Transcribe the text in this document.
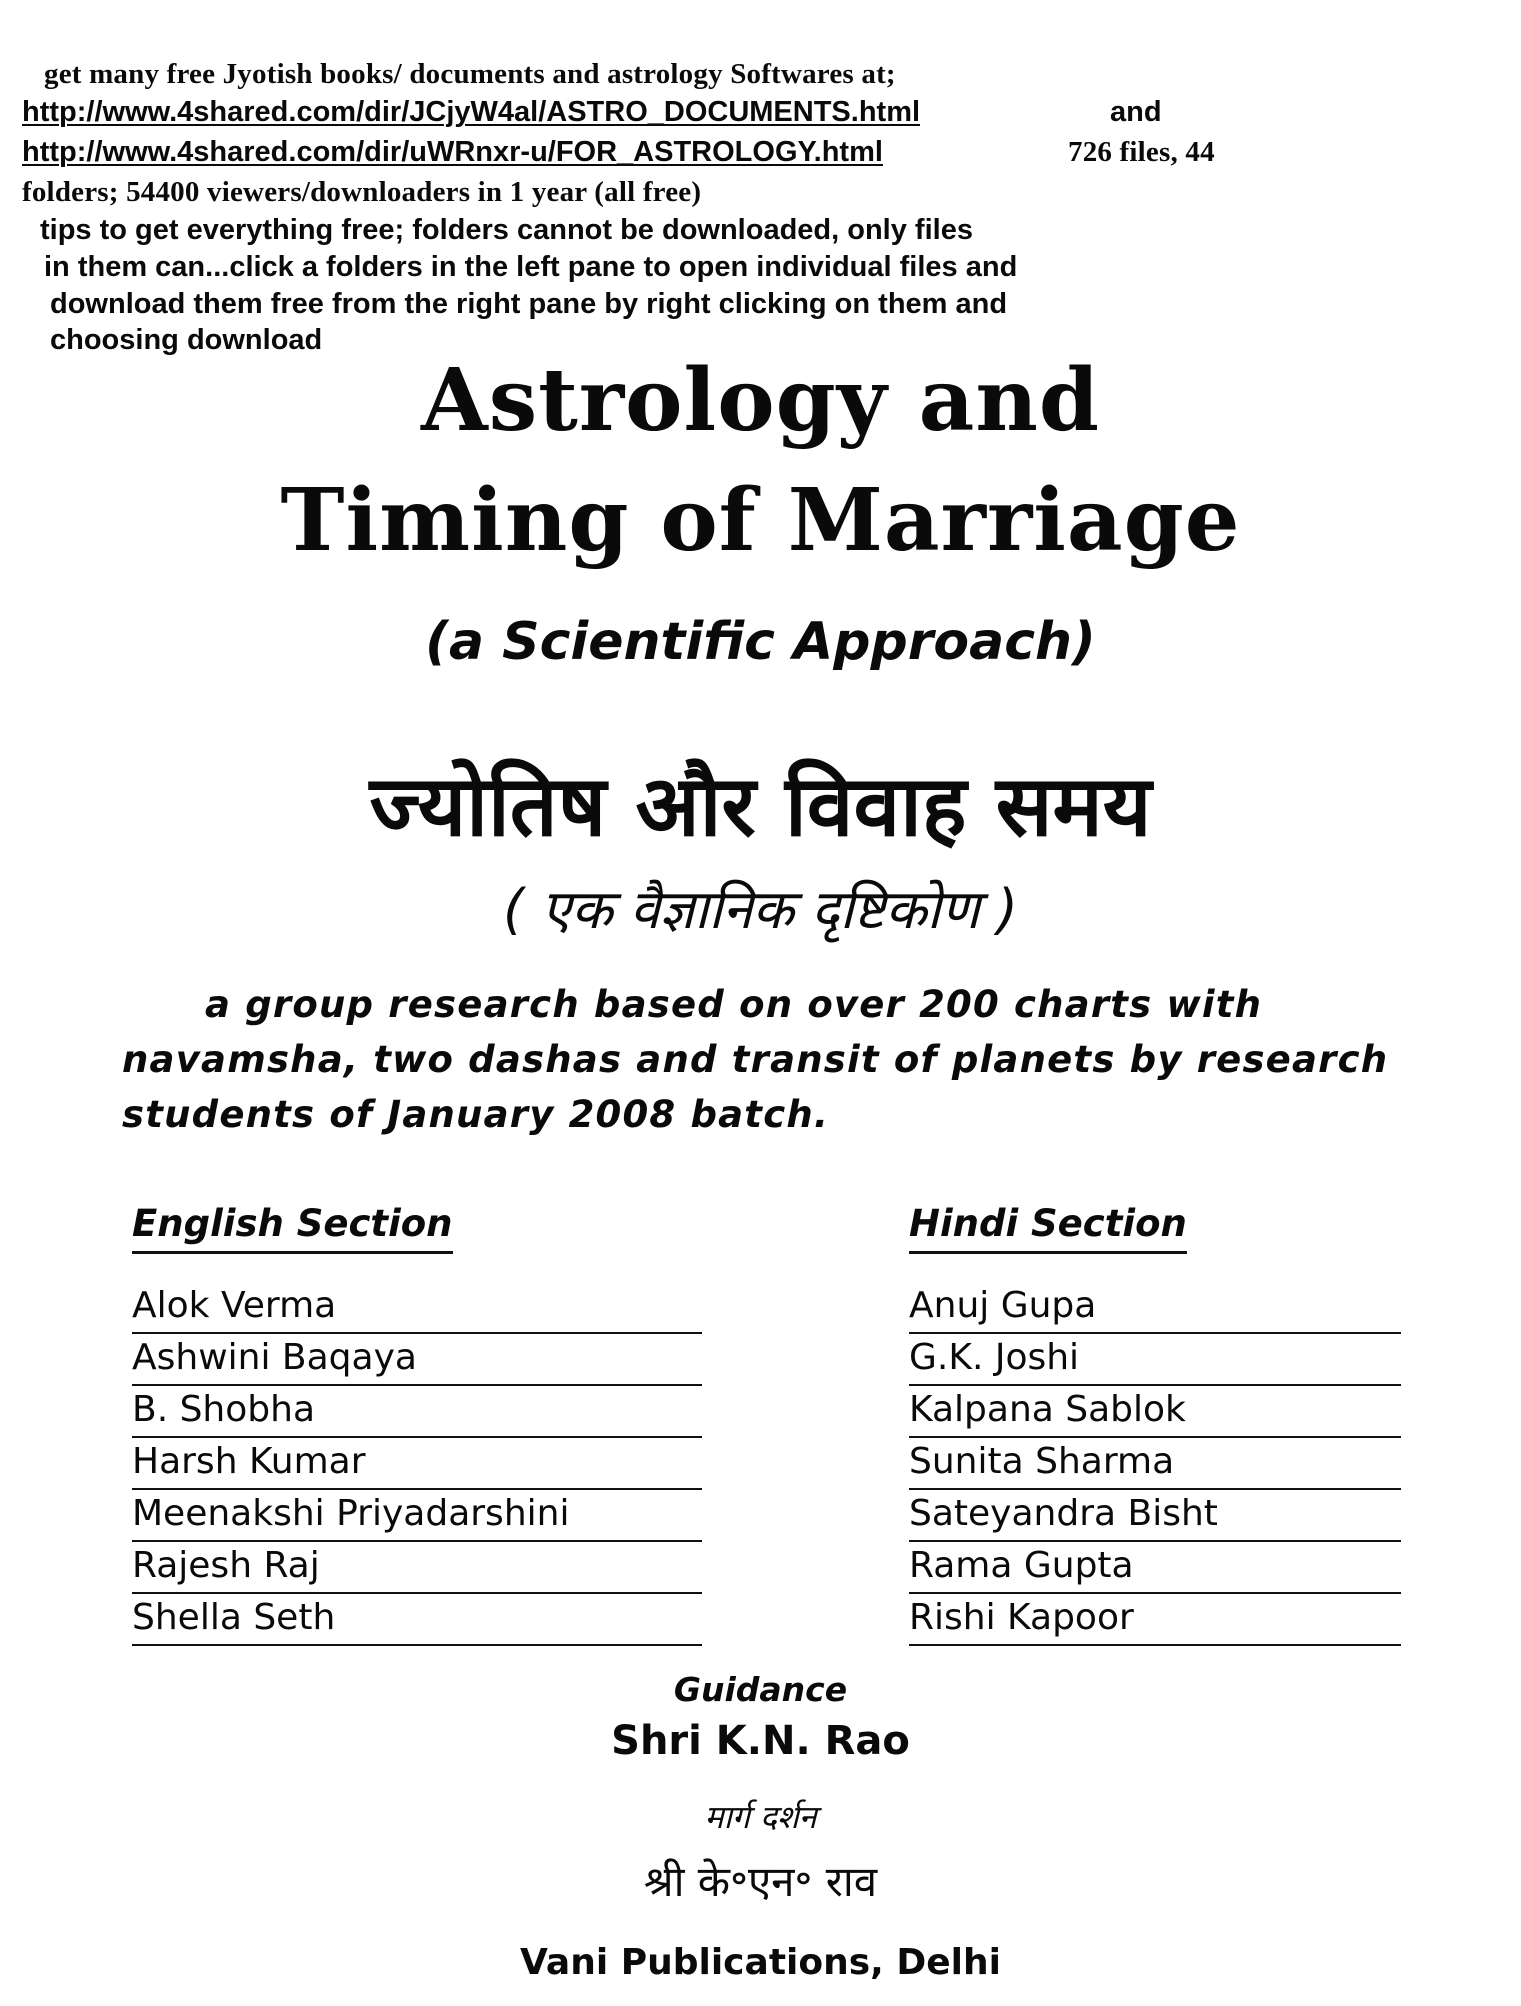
get many free Jyotish books/ documents and astrology Softwares at;
http://www.4shared.com/dir/JCjyW4al/ASTRO_DOCUMENTS.html	and
http://www.4shared.com/dir/uWRnxr-u/FOR_ASTROLOGY.html	726 files, 44
folders; 54400 viewers/downloaders in 1 year (all free)
tips to get everything free; folders cannot be downloaded, only files
in them can...click a folders in the left pane to open individual files and
download them free from the right pane by right clicking on them and
choosing download
Astrology and
Timing of Marriage
(a Scientific Approach)
ज्योतिष और विवाह समय
( एक वैज्ञानिक दृष्टिकोण )
a group research based on over 200 charts with
navamsha, two dashas and transit of planets by research
students of January 2008 batch.
English Section
Alok Verma
Ashwini Baqaya
B. Shobha
Harsh Kumar
Meenakshi Priyadarshini
Rajesh Raj
Shella Seth
Hindi Section
Anuj Gupa
G.K. Joshi
Kalpana Sablok
Sunita Sharma
Sateyandra Bisht
Rama Gupta
Rishi Kapoor
Guidance
Shri K.N. Rao
मार्ग दर्शन
श्री के॰एन॰ राव
Vani Publications, Delhi
